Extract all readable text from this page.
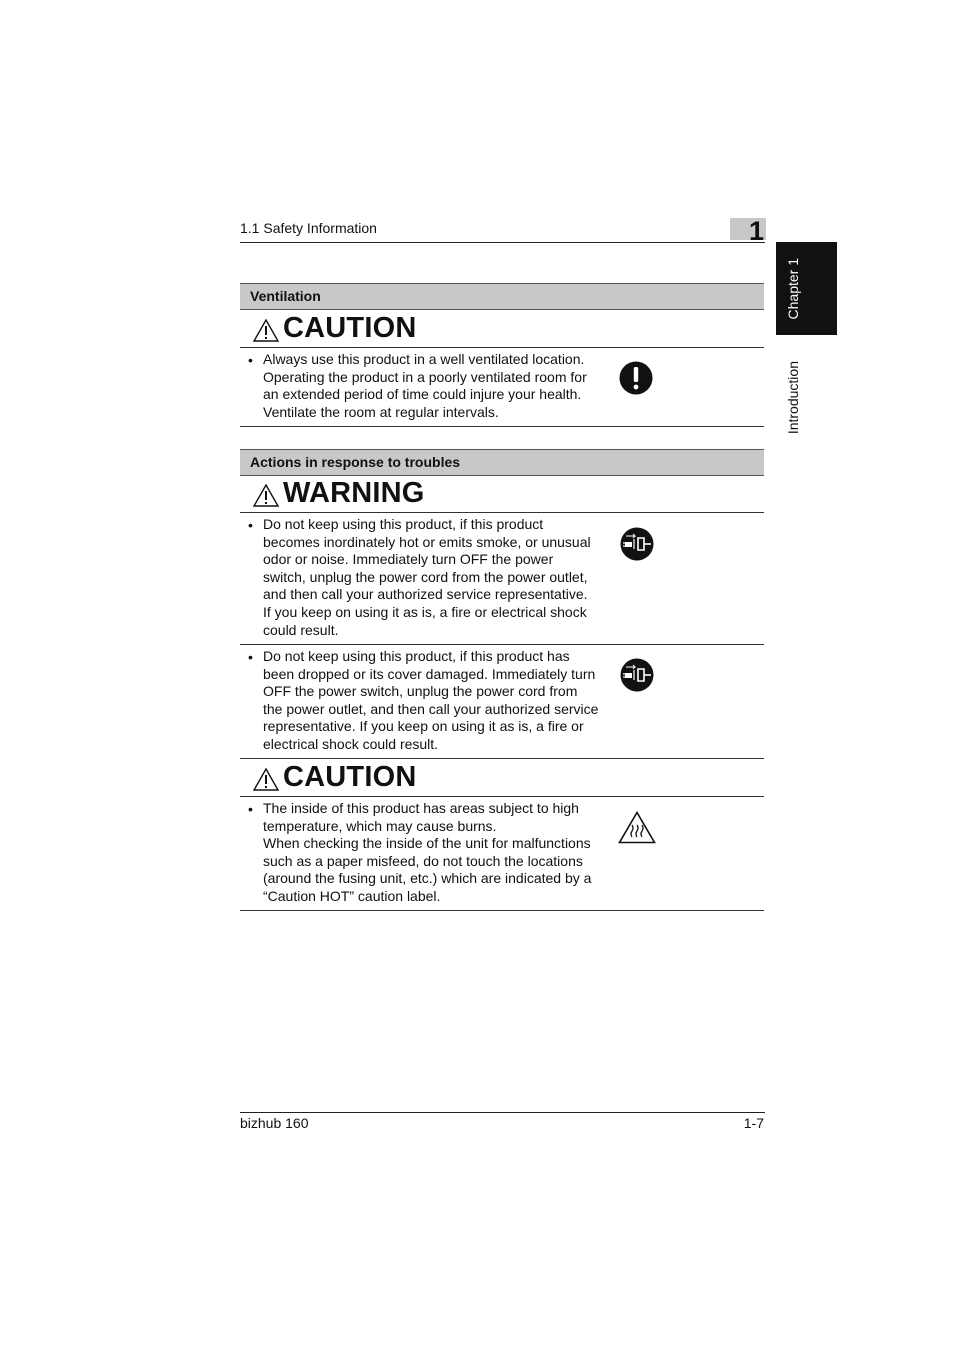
1.1 Safety Information	1
Chapter 1
Introduction
Ventilation
CAUTION
• Always use this product in a well ventilated location.
Operating the product in a poorly ventilated room for
an extended period of time could injure your health.
Ventilate the room at regular intervals.
Actions in response to troubles
WARNING
• Do not keep using this product, if this product
becomes inordinately hot or emits smoke, or unusual
odor or noise. Immediately turn OFF the power
switch, unplug the power cord from the power outlet,
and then call your authorized service representative.
If you keep on using it as is, a fire or electrical shock
could result.
• Do not keep using this product, if this product has
been dropped or its cover damaged. Immediately turn
OFF the power switch, unplug the power cord from
the power outlet, and then call your authorized service
representative. If you keep on using it as is, a fire or
electrical shock could result.
CAUTION
• The inside of this product has areas subject to high
temperature, which may cause burns.
When checking the inside of the unit for malfunctions
such as a paper misfeed, do not touch the locations
(around the fusing unit, etc.) which are indicated by a
“Caution HOT” caution label.
bizhub 160	1-7
